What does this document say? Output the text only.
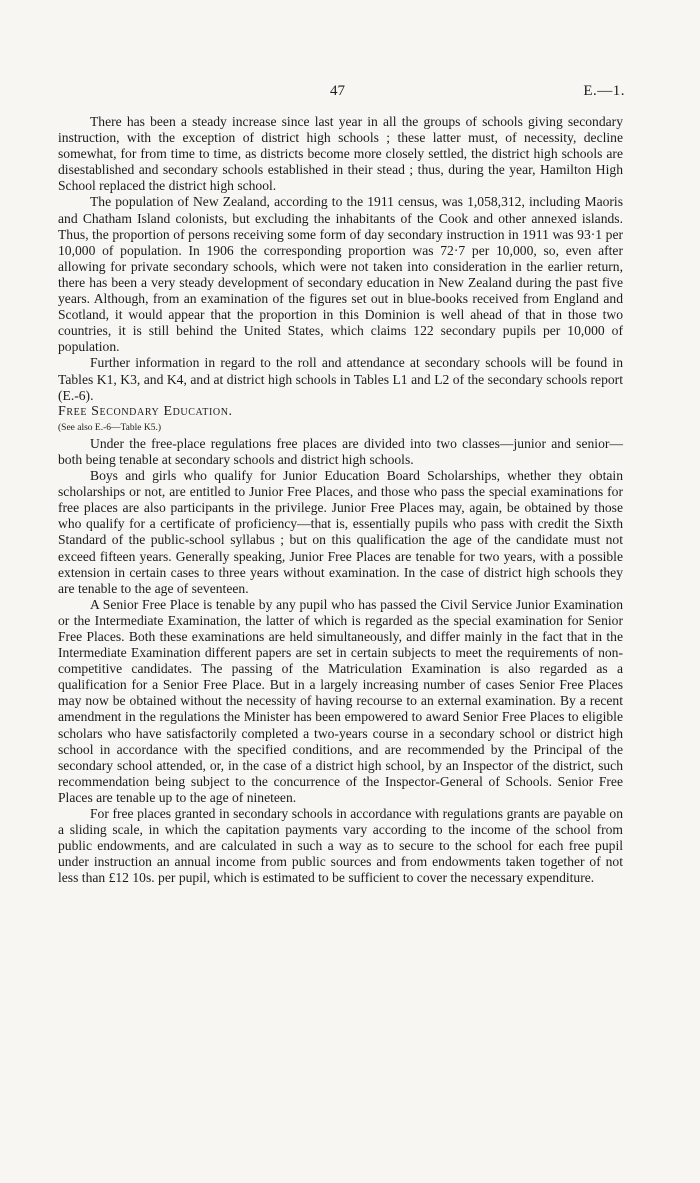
47	E.—1.

There has been a steady increase since last year in all the groups of schools giving secondary instruction, with the exception of district high schools ; these latter must, of necessity, decline somewhat, for from time to time, as districts become more closely settled, the district high schools are disestablished and secondary schools established in their stead ; thus, during the year, Hamilton High School replaced the district high school.

The population of New Zealand, according to the 1911 census, was 1,058,312, including Maoris and Chatham Island colonists, but excluding the inhabitants of the Cook and other annexed islands. Thus, the proportion of persons receiving some form of day secondary instruction in 1911 was 93·1 per 10,000 of population. In 1906 the corresponding proportion was 72·7 per 10,000, so, even after allowing for private secondary schools, which were not taken into consideration in the earlier return, there has been a very steady development of secondary education in New Zealand during the past five years. Although, from an examination of the figures set out in blue-books received from England and Scotland, it would appear that the proportion in this Dominion is well ahead of that in those two countries, it is still behind the United States, which claims 122 secondary pupils per 10,000 of population.

Further information in regard to the roll and attendance at secondary schools will be found in Tables K1, K3, and K4, and at district high schools in Tables L1 and L2 of the secondary schools report (E.-6).

Free Secondary Education.

(See also E.-6—Table K5.)

Under the free-place regulations free places are divided into two classes—junior and senior—both being tenable at secondary schools and district high schools.

Boys and girls who qualify for Junior Education Board Scholarships, whether they obtain scholarships or not, are entitled to Junior Free Places, and those who pass the special examinations for free places are also participants in the privilege. Junior Free Places may, again, be obtained by those who qualify for a certificate of proficiency—that is, essentially pupils who pass with credit the Sixth Standard of the public-school syllabus ; but on this qualification the age of the candidate must not exceed fifteen years. Generally speaking, Junior Free Places are tenable for two years, with a possible extension in certain cases to three years without examination. In the case of district high schools they are tenable to the age of seventeen.

A Senior Free Place is tenable by any pupil who has passed the Civil Service Junior Examination or the Intermediate Examination, the latter of which is regarded as the special examination for Senior Free Places. Both these examinations are held simultaneously, and differ mainly in the fact that in the Intermediate Examination different papers are set in certain subjects to meet the requirements of non-competitive candidates. The passing of the Matriculation Examination is also regarded as a qualification for a Senior Free Place. But in a largely increasing number of cases Senior Free Places may now be obtained without the necessity of having recourse to an external examination. By a recent amendment in the regulations the Minister has been empowered to award Senior Free Places to eligible scholars who have satisfactorily completed a two-years course in a secondary school or district high school in accordance with the specified conditions, and are recommended by the Principal of the secondary school attended, or, in the case of a district high school, by an Inspector of the district, such recommendation being subject to the concurrence of the Inspector-General of Schools. Senior Free Places are tenable up to the age of nineteen.

For free places granted in secondary schools in accordance with regulations grants are payable on a sliding scale, in which the capitation payments vary according to the income of the school from public endowments, and are calculated in such a way as to secure to the school for each free pupil under instruction an annual income from public sources and from endowments taken together of not less than £12 10s. per pupil, which is estimated to be sufficient to cover the necessary expenditure.
